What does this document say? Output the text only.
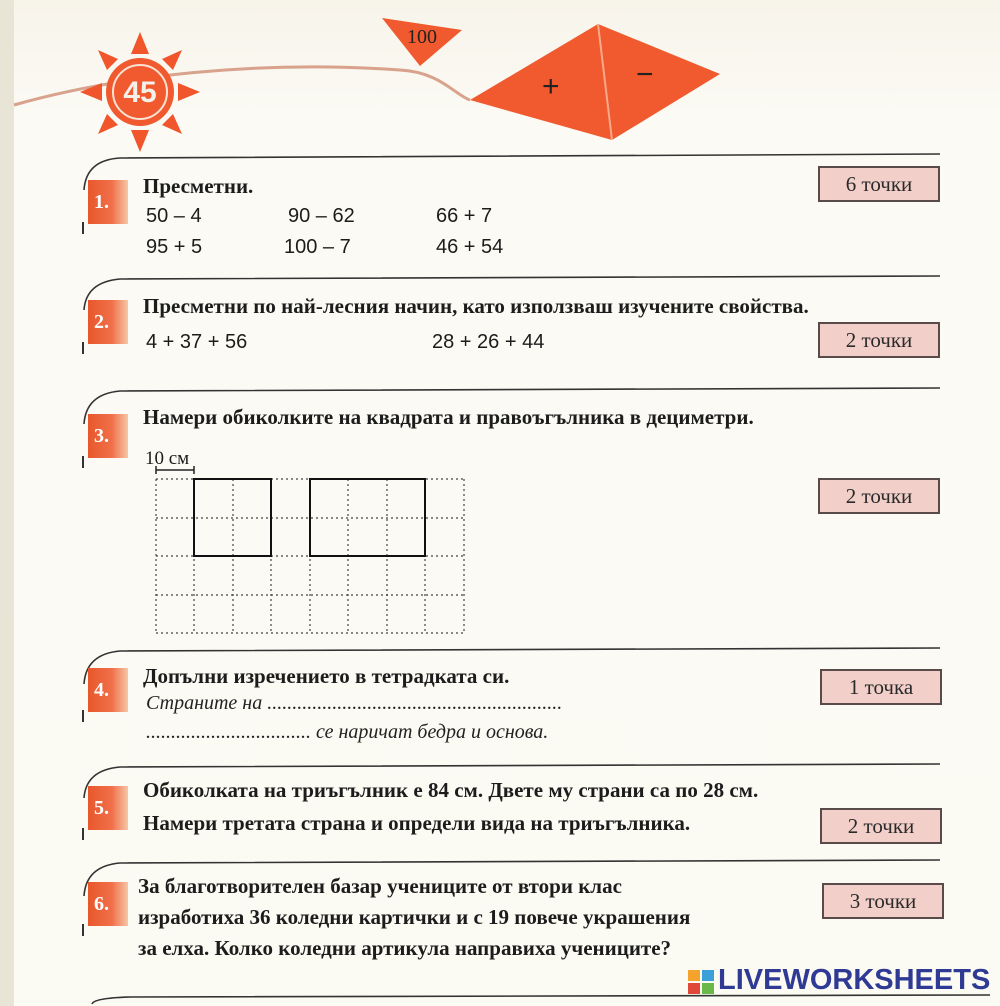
45
100
+	−
1.
Пресметни.	6 точки
50 – 4	90 – 62	66 + 7
95 + 5	100 – 7	46 + 54
2.
Пресметни по най-лесния начин, като използваш изучените свойства.
2 точки
4 + 37 + 56	28 + 26 + 44
3.
Намери обиколките на квадрата и правоъгълника в дециметри.
2 точки
10 см
4.
Допълни изречението в тетрадката си.	1 точка
Страните на ...........................................................
................................. се наричат бедра и основа.
5.
Обиколката на триъгълник е 84 см. Двете му страни са по 28 см.
Намери третата страна и определи вида на триъгълника.	2 точки
6.
За благотворителен базар учениците от втори клас
изработиха 36 коледни картички и с 19 повече украшения
за елха. Колко коледни артикула направиха учениците?
3 точки
LIVEWORKSHEETS
